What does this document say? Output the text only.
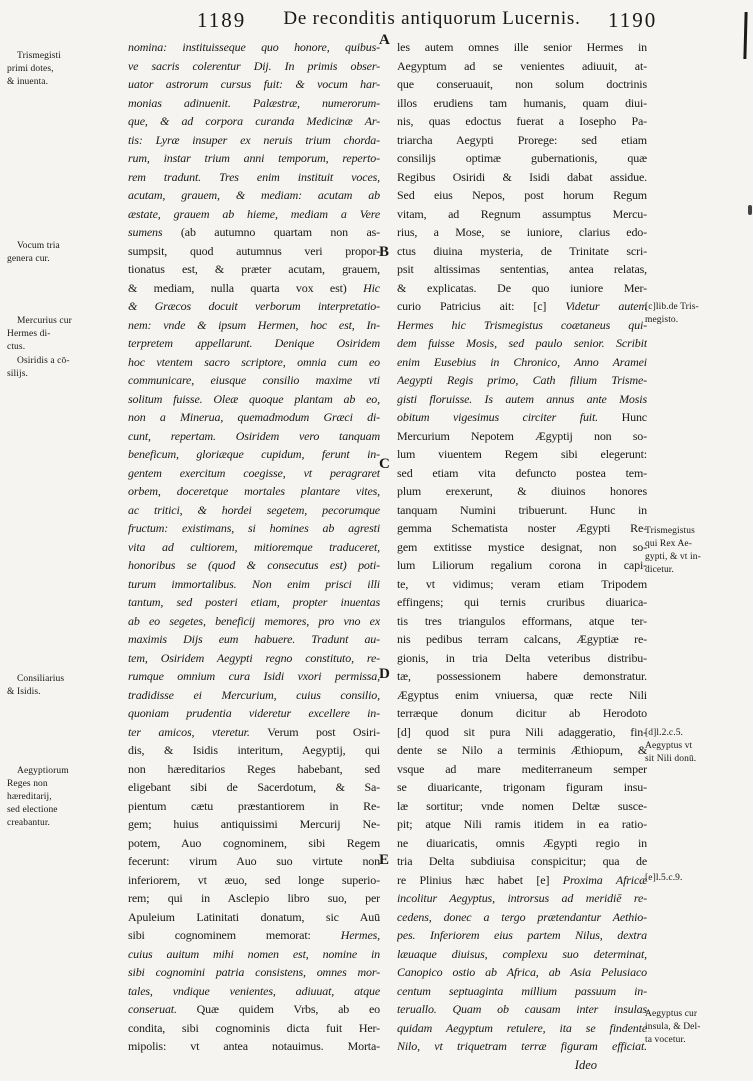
1189 De reconditis antiquorum Lucernis. 1190
Trismegisti
primi dotes,
& inuenta.
Vocum tria
genera cur.
Mercurius cur
Hermes di-
ctus.
Osiridis a cō-
silijs.
Consiliarius
& Isidis.
Aegyptiorum
Reges non
hæreditarij,
sed electione
creabantur.
nomina: instituisseque quo honore, quibus-
ve sacris colerentur Dij. In primis obser-
uator astrorum cursus fuit: & vocum har-
monias adinuenit. Palæstræ, numerorum-
que, & ad corpora curanda Medicinæ Ar-
tis: Lyræ insuper ex neruis trium chorda-
rum, instar trium anni temporum, reperto-
rem tradunt. Tres enim instituit voces,
acutam, grauem, & mediam: acutam ab
æstate, grauem ab hieme, mediam a Vere
sumens (ab autumno quartam non as-
sumpsit, quod autumnus veri propor-
tionatus est, & præter acutam, grauem,
& mediam, nulla quarta vox est) Hic
& Græcos docuit verborum interpretatio-
nem: vnde & ipsum Hermen, hoc est, In-
terpretem appellarunt. Denique Osiridem
hoc vtentem sacro scriptore, omnia cum eo
communicare, eiusque consilio maxime vti
solitum fuisse. Oleæ quoque plantam ab eo,
non a Minerua, quemadmodum Græci di-
cunt, repertam. Osiridem vero tanquam
beneficum, gloriæque cupidum, ferunt in-
gentem exercitum coegisse, vt peragraret
orbem, doceretque mortales plantare vites,
ac tritici, & hordei segetem, pecorumque
fructum: existimans, si homines ab agresti
vita ad cultiorem, mitioremque traduceret,
honoribus se (quod & consecutus est) poti-
turum immortalibus. Non enim prisci illi
tantum, sed posteri etiam, propter inuentas
ab eo segetes, beneficij memores, pro vno ex
maximis Dijs eum habuere. Tradunt au-
tem, Osiridem Aegypti regno constituto, re-
rumque omnium cura Isidi vxori permissa,
tradidisse ei Mercurium, cuius consilio,
quoniam prudentia videretur excellere in-
ter amicos, vteretur. Verum post Osiri-
dis, & Isidis interitum, Aegyptij, qui
non hæreditarios Reges habebant, sed
eligebant sibi de Sacerdotum, & Sa-
pientum cætu præstantiorem in Re-
gem; huius antiquissimi Mercurij Ne-
potem, Auo cognominem, sibi Regem
fecerunt: virum Auo suo virtute non
inferiorem, vt æuo, sed longe superio-
rem; qui in Asclepio libro suo, per
Apuleium Latinitati donatum, sic Auū
sibi cognominem memorat: Hermes,
cuius auitum mihi nomen est, nomine in
sibi cognomini patria consistens, omnes mor-
tales, vndique venientes, adiuuat, atque
conseruat. Quæ quidem Vrbs, ab eo
condita, sibi cognominis dicta fuit Her-
mipolis: vt antea notauimus. Morta-
A
B
C
D
E
Ideo
les autem omnes ille senior Hermes in
Aegyptum ad se venientes adiuuit, at-
que conseruauit, non solum doctrinis
illos erudiens tam humanis, quam diui-
nis, quas edoctus fuerat a Iosepho Pa-
triarcha Aegypti Prorege: sed etiam
consilijs optimæ gubernationis, quæ
Regibus Osiridi & Isidi dabat assidue.
Sed eius Nepos, post horum Regum
vitam, ad Regnum assumptus Mercu-
rius, a Mose, se iuniore, clarius edo-
ctus diuina mysteria, de Trinitate scri-
psit altissimas sententias, antea relatas,
& explicatas. De quo iuniore Mer-
curio Patricius ait: [c] Videtur autem
Hermes hic Trismegistus coætaneus qui-
dem fuisse Mosis, sed paulo senior. Scribit
enim Eusebius in Chronico, Anno Aramei
Aegypti Regis primo, Cath filium Trisme-
gisti floruisse. Is autem annus ante Mosis
obitum vigesimus circiter fuit. Hunc
Mercurium Nepotem Ægyptij non so-
lum viuentem Regem sibi elegerunt:
sed etiam vita defuncto postea tem-
plum erexerunt, & diuinos honores
tanquam Numini tribuerunt. Hunc in
gemma Schematista noster Ægypti Re-
gem extitisse mystice designat, non so-
lum Liliorum regalium corona in capi-
te, vt vidimus; veram etiam Tripodem
effingens; qui ternis cruribus diuarica-
tis tres triangulos efformans, atque ter-
nis pedibus terram calcans, Ægyptiæ re-
gionis, in tria Delta veteribus distribu-
tæ, possessionem habere demonstratur.
Ægyptus enim vniuersa, quæ recte Nili
terræque donum dicitur ab Herodoto
[d] quod sit pura Nili adaggeratio, fin-
dente se Nilo a terminis Æthiopum, &
vsque ad mare mediterraneum semper
se diuaricante, trigonam figuram insu-
læ sortitur; vnde nomen Deltæ susce-
pit; atque Nili ramis itidem in ea ratio-
ne diuaricatis, omnis Ægypti regio in
tria Delta subdiuisa conspicitur; qua de
re Plinius hæc habet [e] Proxima Africæ
incolitur Aegyptus, introrsus ad meridiē re-
cedens, donec a tergo prætendantur Aethio-
pes. Inferiorem eius partem Nilus, dextra
læuaque diuisus, complexu suo determinat,
Canopico ostio ab Africa, ab Asia Pelusiaco
centum septuaginta millium passuum in-
teruallo. Quam ob causam inter insulas
quidam Aegyptum retulere, ita se findente
Nilo, vt triquetram terræ figuram efficiat.
[c]lib.de Tris-
megisto.
Trismegistus
qui Rex Ae-
gypti, & vt in-
dicetur.
[d]l.2.c.5.
Aegyptus vt
sit Nili donū.
[e]l.5.c.9.
Aegyptus cur
insula, & Del-
ta vocetur.
